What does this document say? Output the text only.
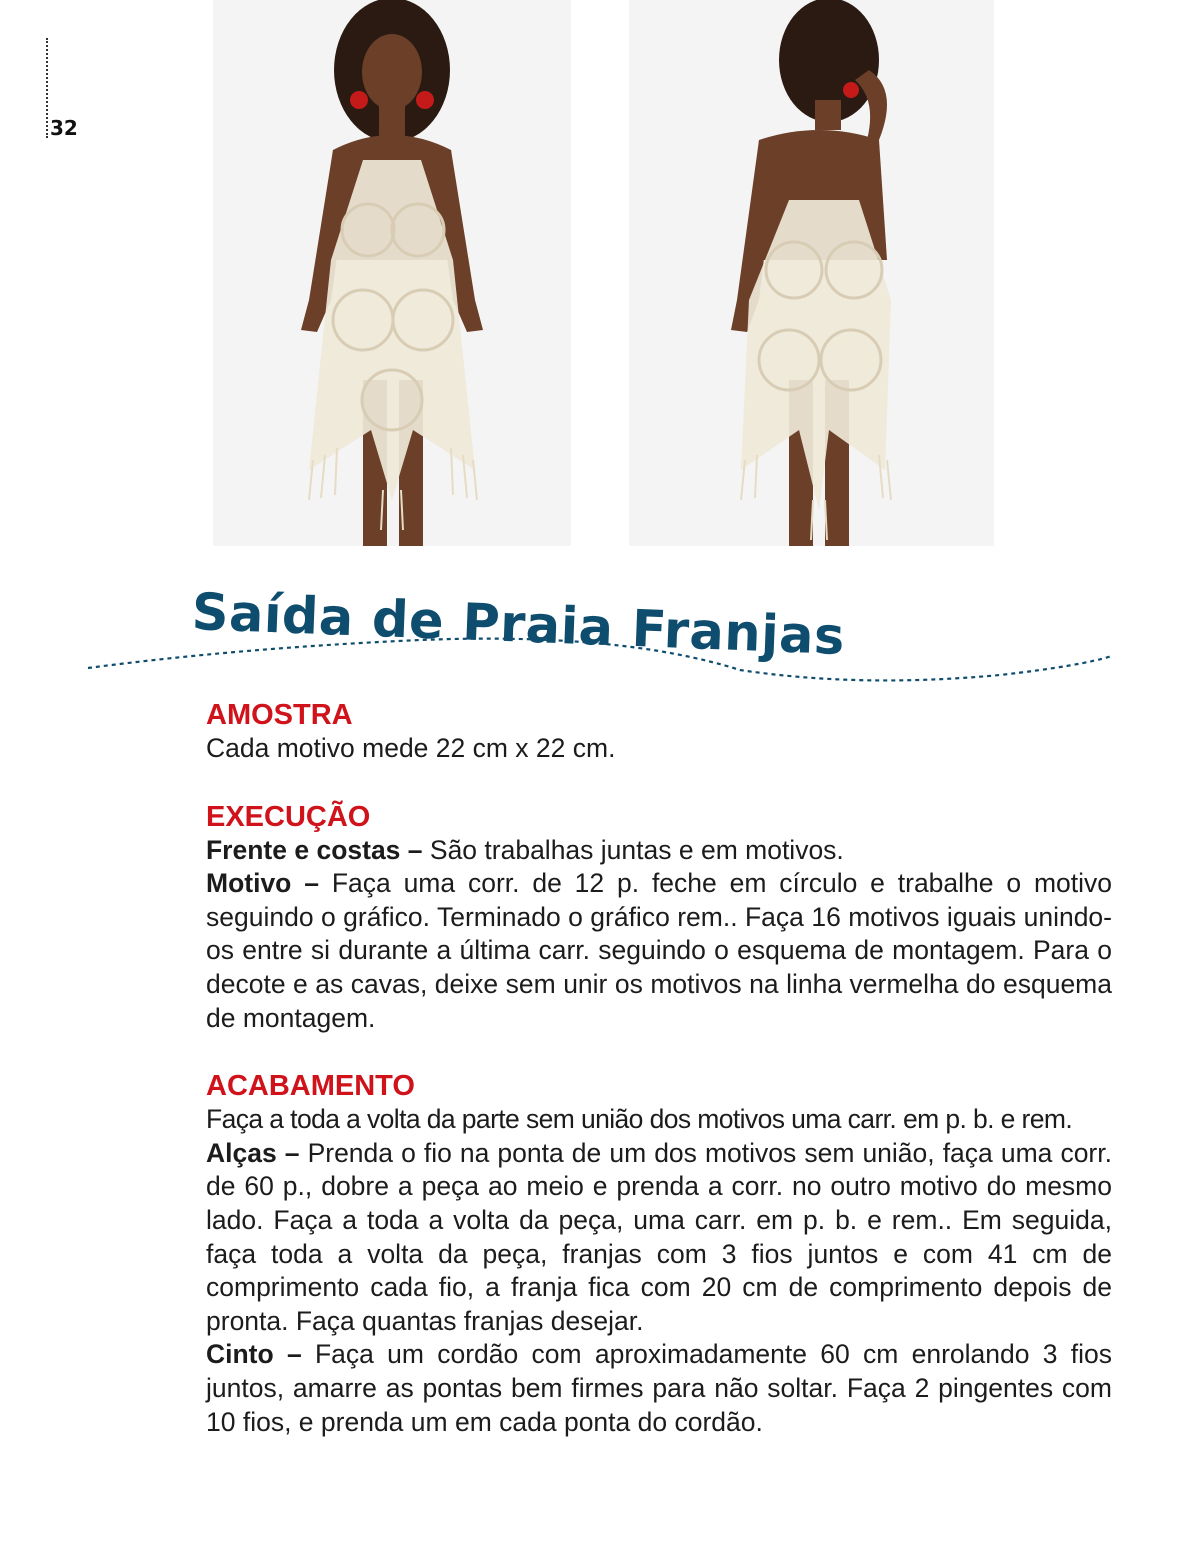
32
Saída de Praia Franjas
AMOSTRA

Cada motivo mede 22 cm x 22 cm.

EXECUÇÃO

Frente e costas – São trabalhas juntas e em motivos.

Motivo – Faça uma corr. de 12 p. feche em círculo e trabalhe o motivo seguindo o gráfico. Terminado o gráfico rem.. Faça 16 motivos iguais unindo-os entre si durante a última carr. seguindo o esquema de montagem. Para o decote e as cavas, deixe sem unir os motivos na linha vermelha do esquema de montagem.

ACABAMENTO

Faça a toda a volta da parte sem união dos motivos uma carr. em p. b. e rem.

Alças – Prenda o fio na ponta de um dos motivos sem união, faça uma corr. de 60 p., dobre a peça ao meio e prenda a corr. no outro motivo do mesmo lado. Faça a toda a volta da peça, uma carr. em p. b. e rem.. Em seguida, faça toda a volta da peça, franjas com 3 fios juntos e com 41 cm de comprimento cada fio, a franja fica com 20 cm de comprimento depois de pronta. Faça quantas franjas desejar.

Cinto – Faça um cordão com aproximadamente 60 cm enrolando 3 fios juntos, amarre as pontas bem firmes para não soltar. Faça 2 pingentes com 10 fios, e prenda um em cada ponta do cordão.
